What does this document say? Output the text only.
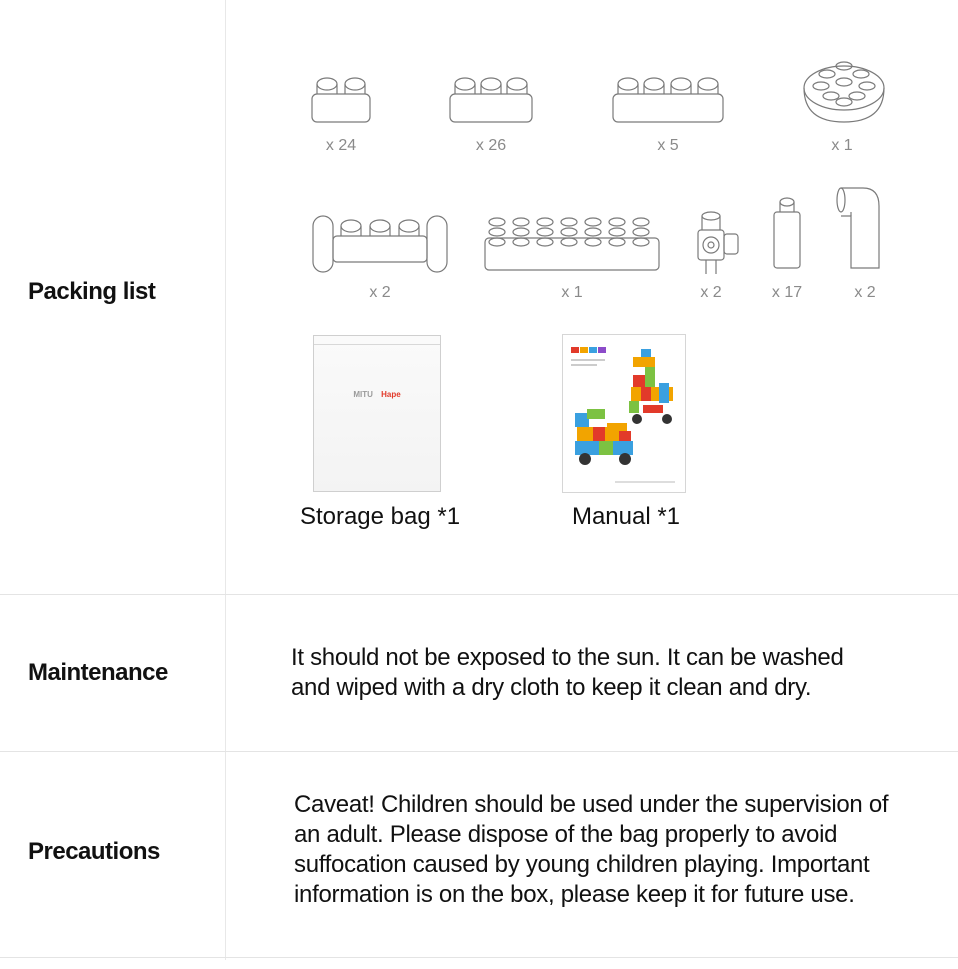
Packing list
x 24	x 26	x 5	x 1
x 2	x 1	x 2	x 17	x 2
MITU Hape
Storage bag *1	Manual *1
Maintenance
It should not be exposed to the sun. It can be washed
and wiped with a dry cloth to keep it clean and dry.
Precautions
Caveat! Children should be used under the supervision of
an adult. Please dispose of the bag properly to avoid
suffocation caused by young children playing. Important
information is on the box, please keep it for future use.
